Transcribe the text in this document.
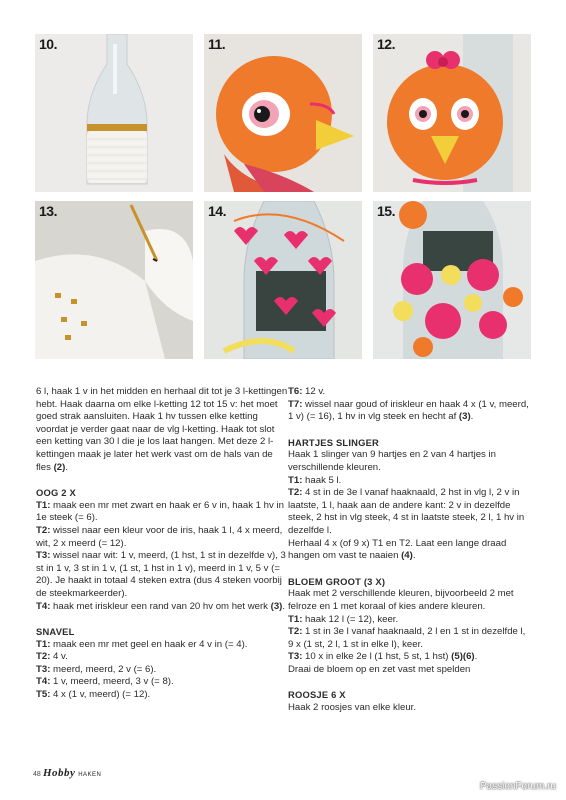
10.	11.	12.
13.	14.	15.

6 l, haak 1 v in het midden en herhaal dit tot je 3 l-kettingen hebt. Haak daarna om elke l-ketting 12 tot 15 v: het moet goed strak aansluiten. Haak 1 hv tussen elke ketting voordat je verder gaat naar de vlg l-ketting. Haak tot slot een ketting van 30 l die je los laat hangen. Met deze 2 l-kettingen maak je later het werk vast om de hals van de fles (2).

OOG 2 X

T1: maak een mr met zwart en haak er 6 v in, haak 1 hv in 1e steek (= 6).

T2: wissel naar een kleur voor de iris, haak 1 l, 4 x meerd, wit, 2 x meerd (= 12).

T3: wissel naar wit: 1 v, meerd, (1 hst, 1 st in dezelfde v), 3 st in 1 v, 3 st in 1 v, (1 st, 1 hst in 1 v), meerd in 1 v, 5 v (= 20). Je haakt in totaal 4 steken extra (dus 4 steken voorbij de steekmarkeerder).

T4: haak met iriskleur een rand van 20 hv om het werk (3).

SNAVEL

T1: maak een mr met geel en haak er 4 v in (= 4).

T2: 4 v.

T3: meerd, meerd, 2 v (= 6).

T4: 1 v, meerd, meerd, 3 v (= 8).

T5: 4 x (1 v, meerd) (= 12).

T6: 12 v.

T7: wissel naar goud of iriskleur en haak 4 x (1 v, meerd, 1 v) (= 16), 1 hv in vlg steek en hecht af (3).

HARTJES SLINGER

Haak 1 slinger van 9 hartjes en 2 van 4 hartjes in verschillende kleuren.

T1: haak 5 l.

T2: 4 st in de 3e l vanaf haaknaald, 2 hst in vlg l, 2 v in laatste, 1 l, haak aan de andere kant: 2 v in dezelfde steek, 2 hst in vlg steek, 4 st in laatste steek, 2 l, 1 hv in dezelfde l.

Herhaal 4 x (of 9 x) T1 en T2. Laat een lange draad hangen om vast te naaien (4).

BLOEM GROOT (3 X)

Haak met 2 verschillende kleuren, bijvoorbeeld 2 met felroze en 1 met koraal of kies andere kleuren.

T1: haak 12 l (= 12), keer.

T2: 1 st in 3e l vanaf haaknaald, 2 l en 1 st in dezelfde l, 9 x (1 st, 2 l, 1 st in elke l), keer.

T3: 10 x in elke 2e l (1 hst, 5 st, 1 hst) (5)(6).

Draai de bloem op en zet vast met spelden

ROOSJE 6 X

Haak 2 roosjes van elke kleur.

48 Hobby HAKEN
PassionForum.ru
